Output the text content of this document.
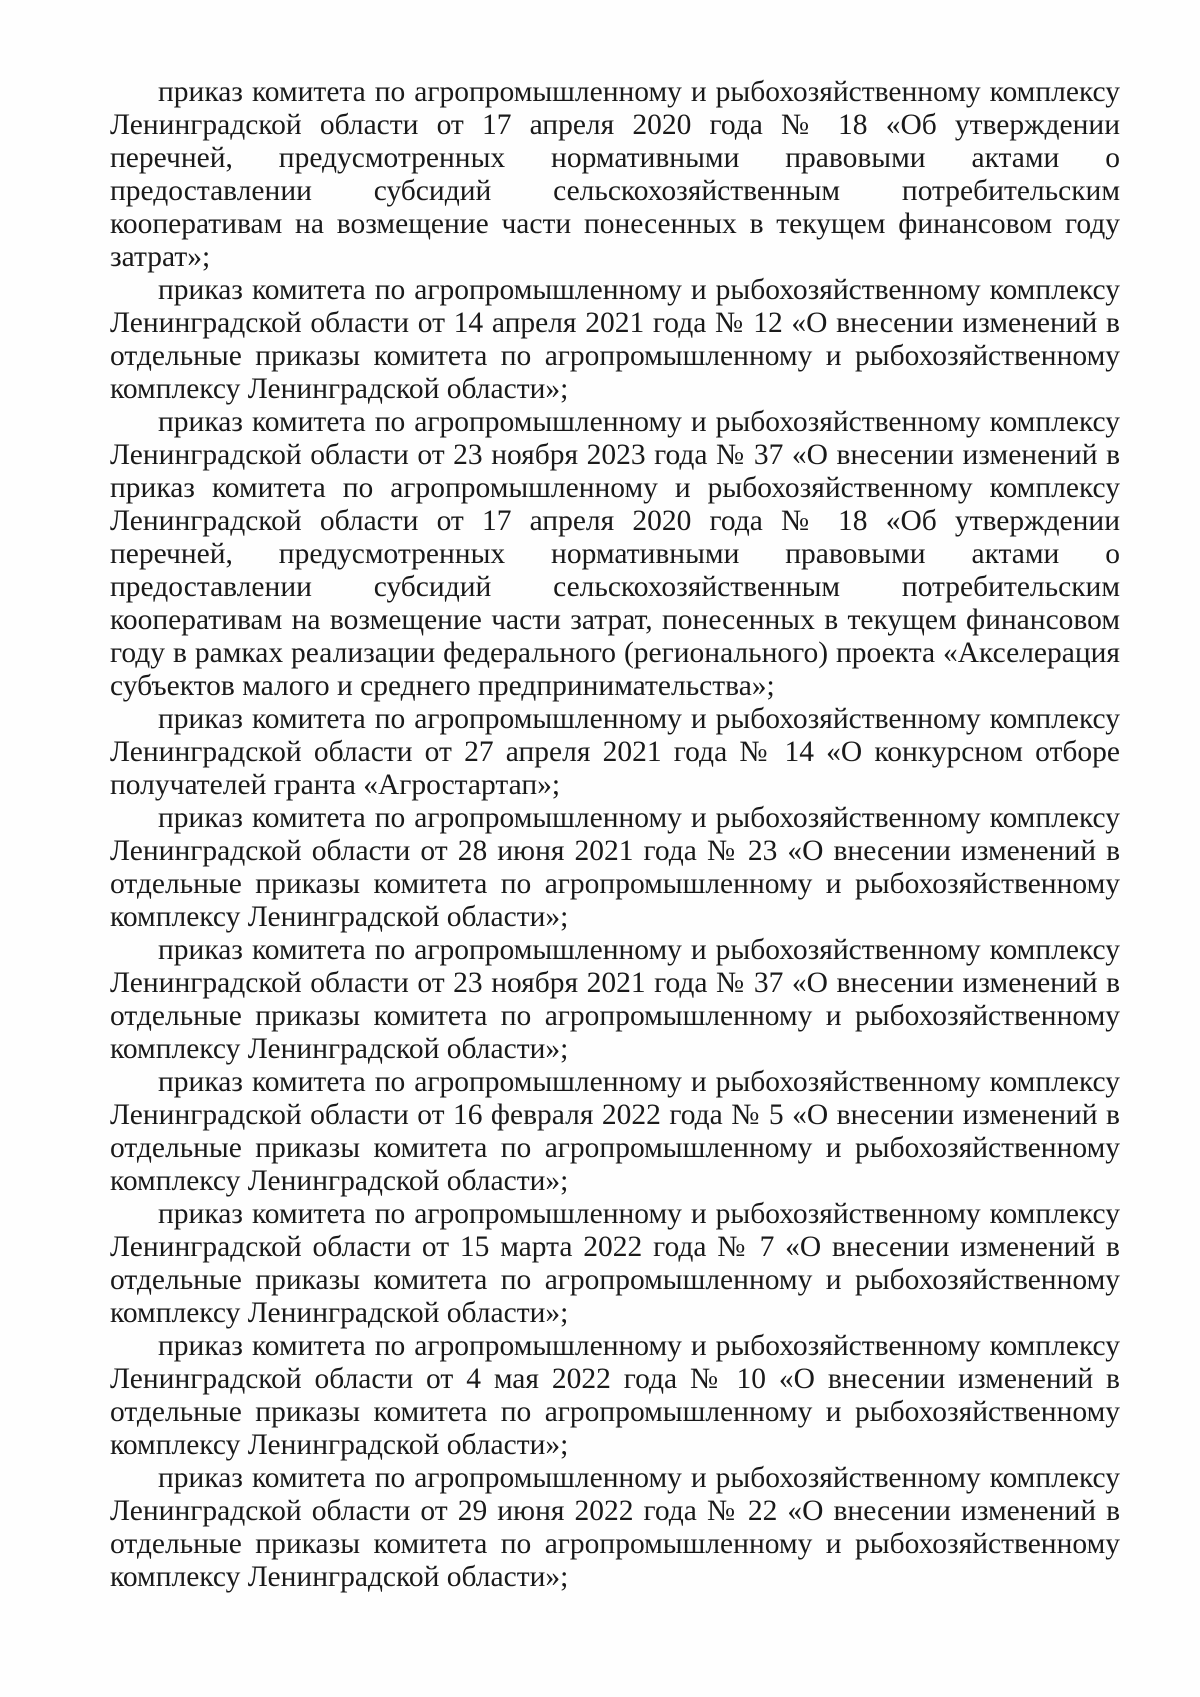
приказ комитета по агропромышленному и рыбохозяйственному комплексу Ленинградской области от 17 апреля 2020 года № 18 «Об утверждении перечней, предусмотренных нормативными правовыми актами о предоставлении субсидий сельскохозяйственным потребительским кооперативам на возмещение части понесенных в текущем финансовом году затрат»;

приказ комитета по агропромышленному и рыбохозяйственному комплексу Ленинградской области от 14 апреля 2021 года № 12 «О внесении изменений в отдельные приказы комитета по агропромышленному и рыбохозяйственному комплексу Ленинградской области»;

приказ комитета по агропромышленному и рыбохозяйственному комплексу Ленинградской области от 23 ноября 2023 года № 37 «О внесении изменений в приказ комитета по агропромышленному и рыбохозяйственному комплексу Ленинградской области от 17 апреля 2020 года № 18 «Об утверждении перечней, предусмотренных нормативными правовыми актами о предоставлении субсидий сельскохозяйственным потребительским кооперативам на возмещение части затрат, понесенных в текущем финансовом году в рамках реализации федерального (регионального) проекта «Акселерация субъектов малого и среднего предпринимательства»;

приказ комитета по агропромышленному и рыбохозяйственному комплексу Ленинградской области от 27 апреля 2021 года № 14 «О конкурсном отборе получателей гранта «Агростартап»;

приказ комитета по агропромышленному и рыбохозяйственному комплексу Ленинградской области от 28 июня 2021 года № 23 «О внесении изменений в отдельные приказы комитета по агропромышленному и рыбохозяйственному комплексу Ленинградской области»;

приказ комитета по агропромышленному и рыбохозяйственному комплексу Ленинградской области от 23 ноября 2021 года № 37 «О внесении изменений в отдельные приказы комитета по агропромышленному и рыбохозяйственному комплексу Ленинградской области»;

приказ комитета по агропромышленному и рыбохозяйственному комплексу Ленинградской области от 16 февраля 2022 года № 5 «О внесении изменений в отдельные приказы комитета по агропромышленному и рыбохозяйственному комплексу Ленинградской области»;

приказ комитета по агропромышленному и рыбохозяйственному комплексу Ленинградской области от 15 марта 2022 года № 7 «О внесении изменений в отдельные приказы комитета по агропромышленному и рыбохозяйственному комплексу Ленинградской области»;

приказ комитета по агропромышленному и рыбохозяйственному комплексу Ленинградской области от 4 мая 2022 года № 10 «О внесении изменений в отдельные приказы комитета по агропромышленному и рыбохозяйственному комплексу Ленинградской области»;

приказ комитета по агропромышленному и рыбохозяйственному комплексу Ленинградской области от 29 июня 2022 года № 22 «О внесении изменений в отдельные приказы комитета по агропромышленному и рыбохозяйственному комплексу Ленинградской области»;
